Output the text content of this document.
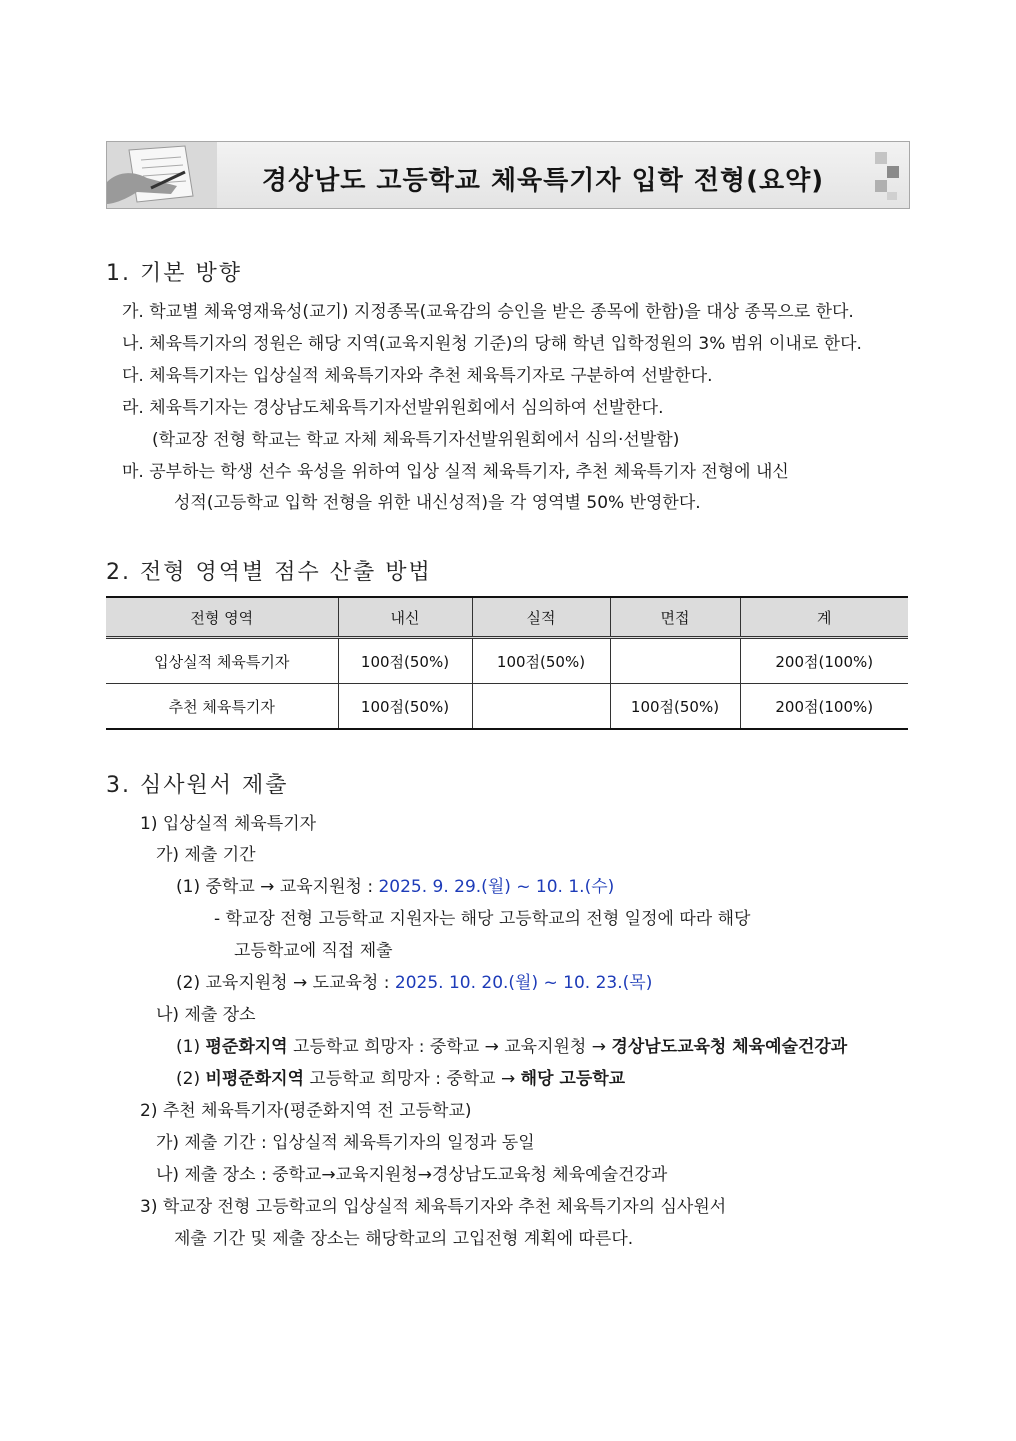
경상남도 고등학교 체육특기자 입학 전형(요약)
1. 기본 방향
가. 학교별 체육영재육성(교기) 지정종목(교육감의 승인을 받은 종목에 한함)을 대상 종목으로 한다.
나. 체육특기자의 정원은 해당 지역(교육지원청 기준)의 당해 학년 입학정원의 3% 범위 이내로 한다.
다. 체육특기자는 입상실적 체육특기자와 추천 체육특기자로 구분하여 선발한다.
라. 체육특기자는 경상남도체육특기자선발위원회에서 심의하여 선발한다.
(학교장 전형 학교는 학교 자체 체육특기자선발위원회에서 심의·선발함)
마. 공부하는 학생 선수 육성을 위하여 입상 실적 체육특기자, 추천 체육특기자 전형에 내신
성적(고등학교 입학 전형을 위한 내신성적)을 각 영역별 50% 반영한다.
2. 전형 영역별 점수 산출 방법
전형 영역	내신	실적	면접	계
입상실적 체육특기자	100점(50%)	100점(50%)		200점(100%)
추천 체육특기자	100점(50%)		100점(50%)	200점(100%)
3. 심사원서 제출
1) 입상실적 체육특기자
가) 제출 기간
(1) 중학교 → 교육지원청 : 2025. 9. 29.(월) ~ 10. 1.(수)
- 학교장 전형 고등학교 지원자는 해당 고등학교의 전형 일정에 따라 해당
고등학교에 직접 제출
(2) 교육지원청 → 도교육청 : 2025. 10. 20.(월) ~ 10. 23.(목)
나) 제출 장소
(1) 평준화지역 고등학교 희망자 : 중학교 → 교육지원청 → 경상남도교육청 체육예술건강과
(2) 비평준화지역 고등학교 희망자 : 중학교 → 해당 고등학교
2) 추천 체육특기자(평준화지역 전 고등학교)
가) 제출 기간 : 입상실적 체육특기자의 일정과 동일
나) 제출 장소 : 중학교→교육지원청→경상남도교육청 체육예술건강과
3) 학교장 전형 고등학교의 입상실적 체육특기자와 추천 체육특기자의 심사원서
제출 기간 및 제출 장소는 해당학교의 고입전형 계획에 따른다.
